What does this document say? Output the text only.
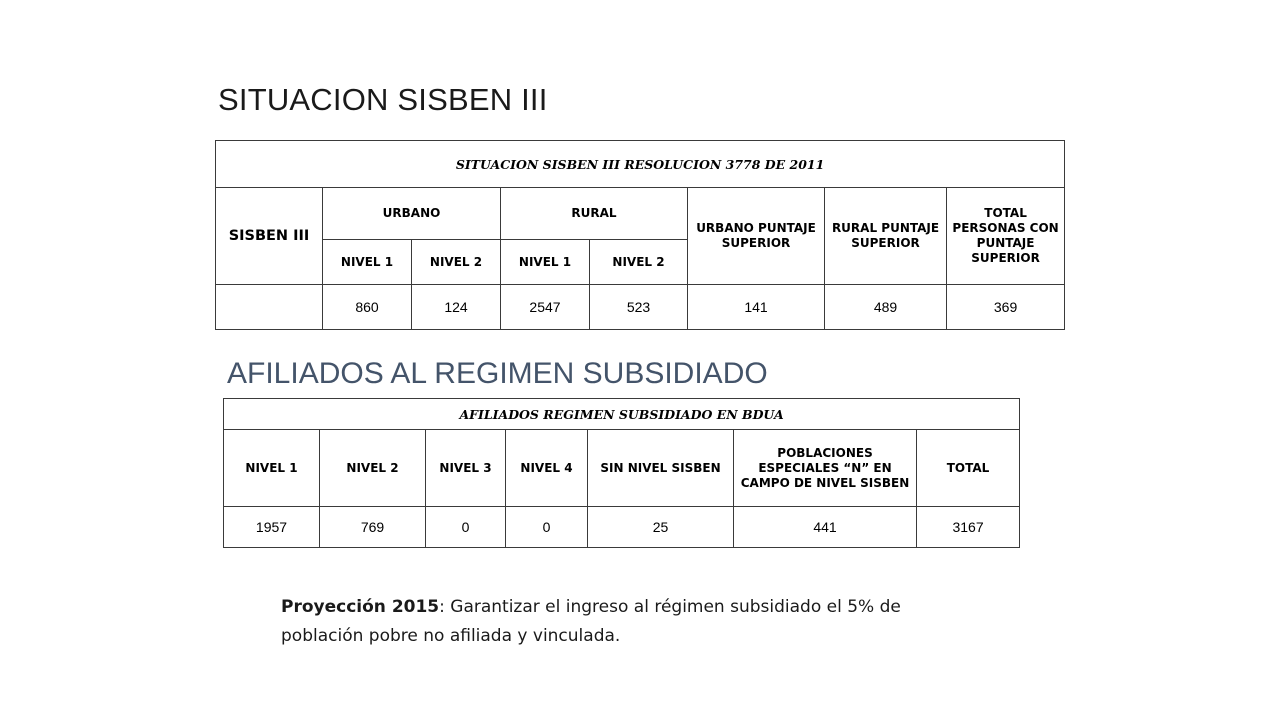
SITUACION SISBEN III
SITUACION SISBEN III RESOLUCION 3778 DE 2011							
SISBEN III	URBANO		RURAL		URBANO PUNTAJE SUPERIOR	RURAL PUNTAJE SUPERIOR	TOTAL PERSONAS CON PUNTAJE SUPERIOR
	NIVEL 1	NIVEL 2	NIVEL 1	NIVEL 2			
	860	124	2547	523	141	489	369
AFILIADOS AL REGIMEN SUBSIDIADO
AFILIADOS REGIMEN SUBSIDIADO EN BDUA						
NIVEL 1	NIVEL 2	NIVEL 3	NIVEL 4	SIN NIVEL SISBEN	POBLACIONES ESPECIALES “N” EN CAMPO DE NIVEL SISBEN	TOTAL
1957	769	0	0	25	441	3167

Proyección 2015: Garantizar el ingreso al régimen subsidiado el 5% de población pobre no afiliada y vinculada.
